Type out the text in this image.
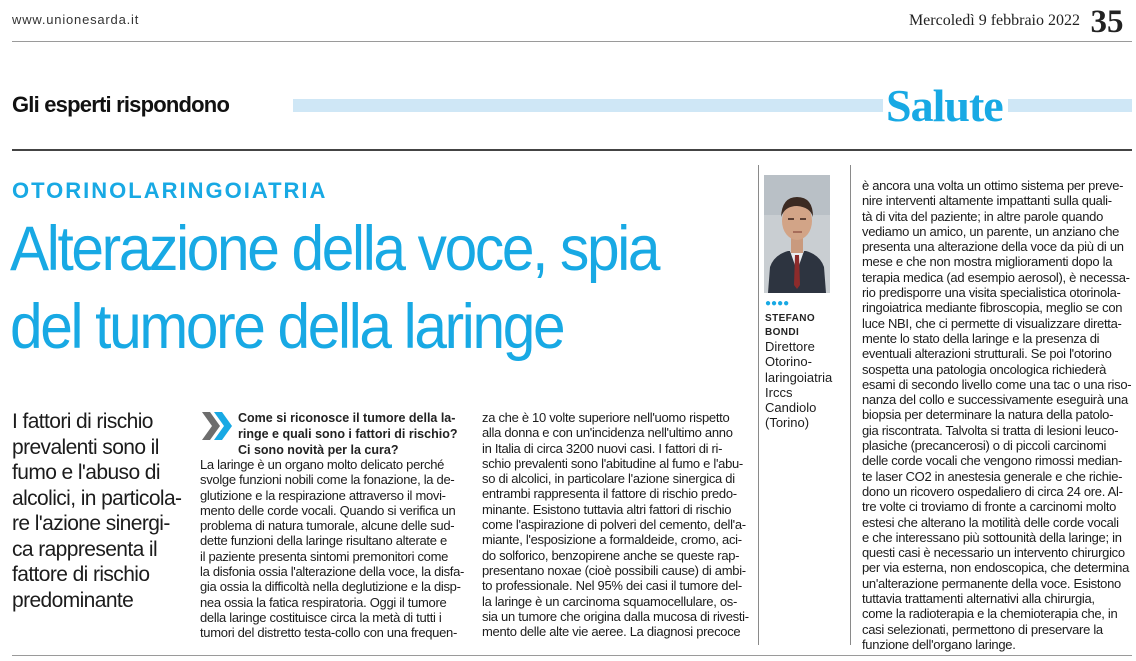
www.unionesarda.it	Mercoledì 9 febbraio 2022 35
Gli esperti rispondono	Salute
OTORINOLARINGOIATRIA
Alterazione della voce, spia
del tumore della laringe
I fattori di rischio
prevalenti sono il
fumo e l'abuso di
alcolici, in particola-
re l'azione sinergi-
ca rappresenta il
fattore di rischio
predominante
Come si riconosce il tumore della la-
ringe e quali sono i fattori di rischio?
Ci sono novità per la cura?
La laringe è un organo molto delicato perché
svolge funzioni nobili come la fonazione, la de-
glutizione e la respirazione attraverso il movi-
mento delle corde vocali. Quando si verifica un
problema di natura tumorale, alcune delle sud-
dette funzioni della laringe risultano alterate e
il paziente presenta sintomi premonitori come
la disfonia ossia l'alterazione della voce, la disfa-
gia ossia la difficoltà nella deglutizione e la disp-
nea ossia la fatica respiratoria. Oggi il tumore
della laringe costituisce circa la metà di tutti i
tumori del distretto testa-collo con una frequen-
za che è 10 volte superiore nell'uomo rispetto
alla donna e con un'incidenza nell'ultimo anno
in Italia di circa 3200 nuovi casi. I fattori di ri-
schio prevalenti sono l'abitudine al fumo e l'abu-
so di alcolici, in particolare l'azione sinergica di
entrambi rappresenta il fattore di rischio predo-
minante. Esistono tuttavia altri fattori di rischio
come l'aspirazione di polveri del cemento, dell'a-
miante, l'esposizione a formaldeide, cromo, aci-
do solforico, benzopirene anche se queste rap-
presentano noxae (cioè possibili cause) di ambi-
to professionale. Nel 95% dei casi il tumore del-
la laringe è un carcinoma squamocellulare, os-
sia un tumore che origina dalla mucosa di rivesti-
mento delle alte vie aeree. La diagnosi precoce
●●●●
STEFANO
BONDI
Direttore
Otorino-
laringoiatria
Irccs
Candiolo
(Torino)
è ancora una volta un ottimo sistema per preve-
nire interventi altamente impattanti sulla quali-
tà di vita del paziente; in altre parole quando
vediamo un amico, un parente, un anziano che
presenta una alterazione della voce da più di un
mese e che non mostra miglioramenti dopo la
terapia medica (ad esempio aerosol), è necessa-
rio predisporre una visita specialistica otorinola-
ringoiatrica mediante fibroscopia, meglio se con
luce NBI, che ci permette di visualizzare diretta-
mente lo stato della laringe e la presenza di
eventuali alterazioni strutturali. Se poi l'otorino
sospetta una patologia oncologica richiederà
esami di secondo livello come una tac o una riso-
nanza del collo e successivamente eseguirà una
biopsia per determinare la natura della patolo-
gia riscontrata. Talvolta si tratta di lesioni leuco-
plasiche (precancerosi) o di piccoli carcinomi
delle corde vocali che vengono rimossi median-
te laser CO2 in anestesia generale e che richie-
dono un ricovero ospedaliero di circa 24 ore. Al-
tre volte ci troviamo di fronte a carcinomi molto
estesi che alterano la motilità delle corde vocali
e che interessano più sottounità della laringe; in
questi casi è necessario un intervento chirurgico
per via esterna, non endoscopica, che determina
un'alterazione permanente della voce. Esistono
tuttavia trattamenti alternativi alla chirurgia,
come la radioterapia e la chemioterapia che, in
casi selezionati, permettono di preservare la
funzione dell'organo laringe.
